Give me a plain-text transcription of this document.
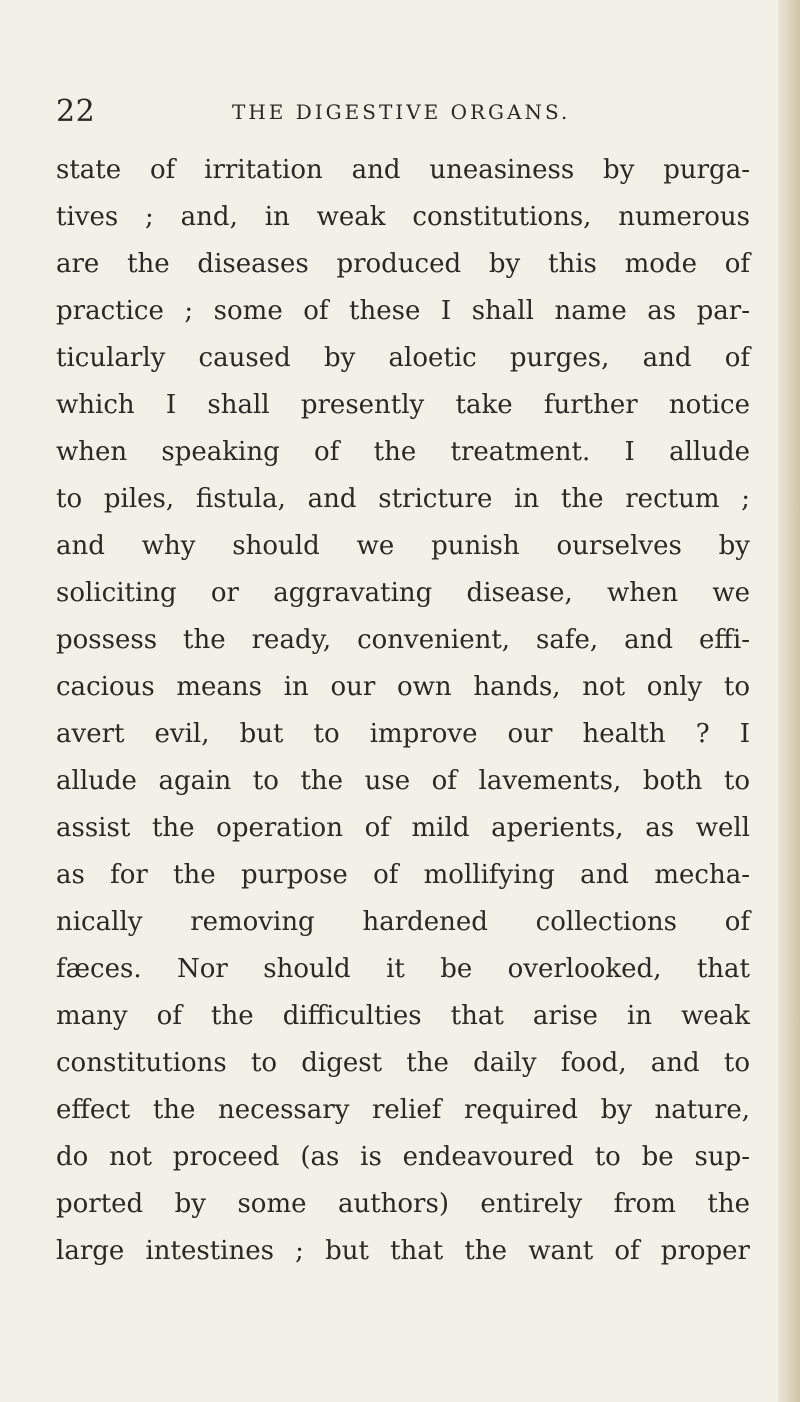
22	THE DIGESTIVE ORGANS.
state of irritation and uneasiness by purga-
tives ; and, in weak constitutions, numerous
are the diseases produced by this mode of
practice ; some of these I shall name as par-
ticularly caused by aloetic purges, and of
which I shall presently take further notice
when speaking of the treatment. I allude
to piles, fistula, and stricture in the rectum ;
and why should we punish ourselves by
soliciting or aggravating disease, when we
possess the ready, convenient, safe, and effi-
cacious means in our own hands, not only to
avert evil, but to improve our health ? I
allude again to the use of lavements, both to
assist the operation of mild aperients, as well
as for the purpose of mollifying and mecha-
nically removing hardened collections of
fæces. Nor should it be overlooked, that
many of the difficulties that arise in weak
constitutions to digest the daily food, and to
effect the necessary relief required by nature,
do not proceed (as is endeavoured to be sup-
ported by some authors) entirely from the
large intestines ; but that the want of proper
